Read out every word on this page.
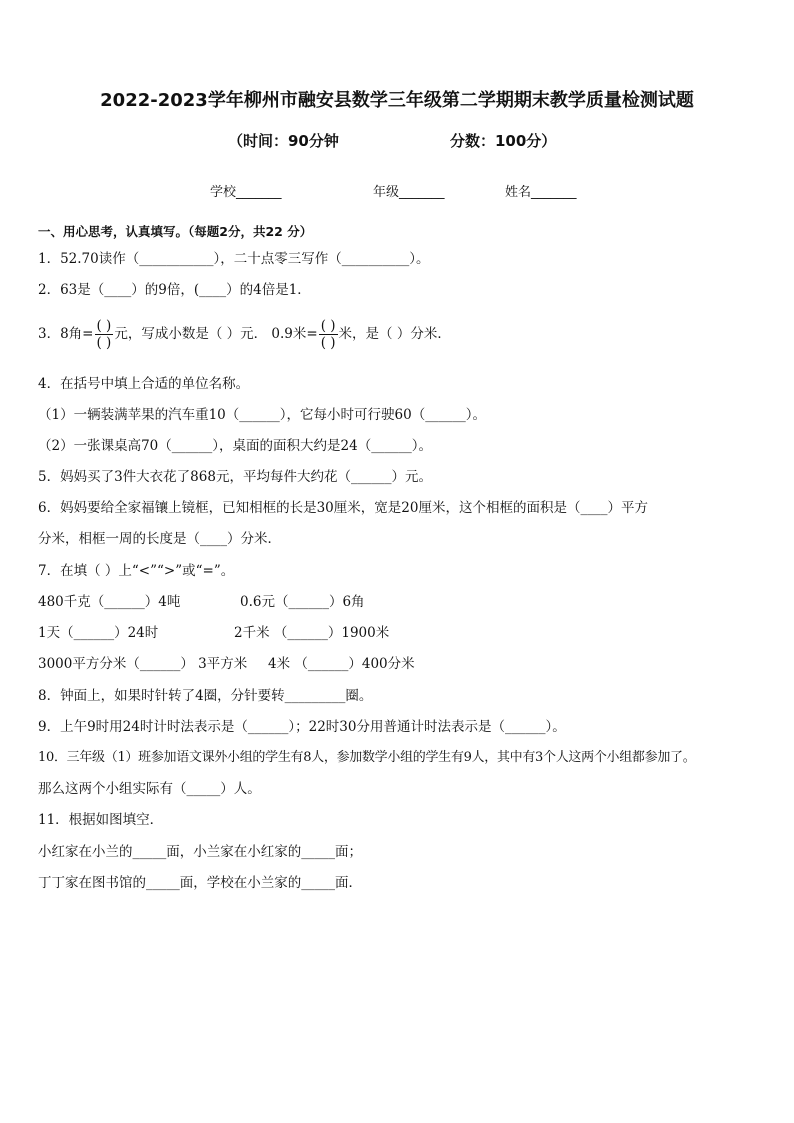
2022-2023学年柳州市融安县数学三年级第二学期期末教学质量检测试题
（时间：90分钟	分数：100分）
学校_______	年级_______	姓名_______
一、用心思考，认真填写。（每题2分，共22 分）
1．52.70读作（___________），二十点零三写作（__________）。
2．63是（____）的9倍，(____）的4倍是1．
3．8角= $\frac{( )}{( )}$ 元，写成小数是（ ）元． 0.9米= $\frac{( )}{( )}$ 米，是（ ）分米．
4．在括号中填上合适的单位名称。
（1）一辆装满苹果的汽车重10（______），它每小时可行驶60（______）。
（2）一张课桌高70（______），桌面的面积大约是24（______）。
5．妈妈买了3件大衣花了868元，平均每件大约花（______）元。
6．妈妈要给全家福镶上镜框，已知相框的长是30厘米，宽是20厘米，这个相框的面积是（____）平方
分米，相框一周的长度是（____）分米．
7．在填（ ）上“<”“>”或“=”。
480千克（______）4吨	0.6元（______）6角
1天（______）24时	2千米 （______）1900米
3000平方分米（______） 3平方米 4米 （______）400分米
8．钟面上，如果时针转了4圈，分针要转_________圈。
9．上午9时用24时计时法表示是（______）；22时30分用普通计时法表示是（______）。
10．三年级（1）班参加语文课外小组的学生有8人，参加数学小组的学生有9人，其中有3个人这两个小组都参加了。
那么这两个小组实际有（_____）人。
11．根据如图填空．
小红家在小兰的_____面，小兰家在小红家的_____面；
丁丁家在图书馆的_____面，学校在小兰家的_____面．
